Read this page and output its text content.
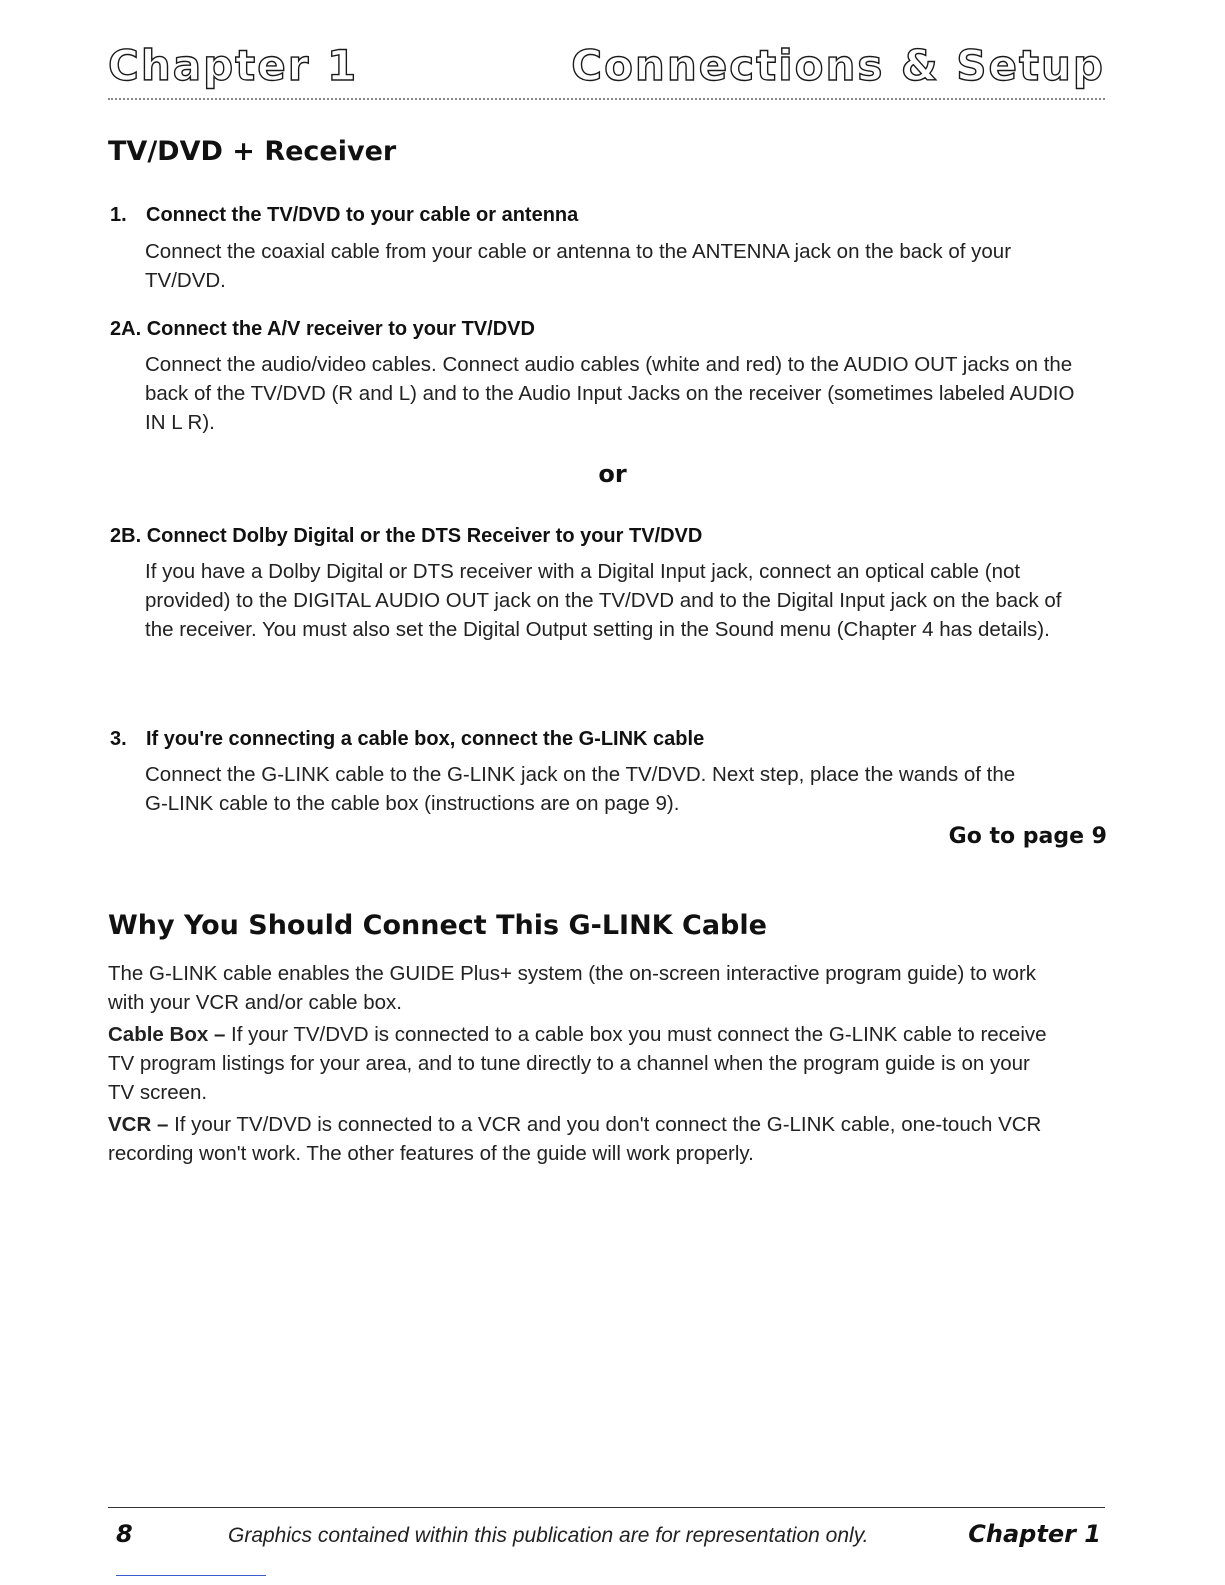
Chapter 1	Connections & Setup
TV/DVD + Receiver
1. Connect the TV/DVD to your cable or antenna

Connect the coaxial cable from your cable or antenna to the ANTENNA jack on the back of your
TV/DVD.

2A. Connect the A/V receiver to your TV/DVD

Connect the audio/video cables. Connect audio cables (white and red) to the AUDIO OUT jacks on the
back of the TV/DVD (R and L) and to the Audio Input Jacks on the receiver (sometimes labeled AUDIO
IN L R).

or
2B. Connect Dolby Digital or the DTS Receiver to your TV/DVD

If you have a Dolby Digital or DTS receiver with a Digital Input jack, connect an optical cable (not
provided) to the DIGITAL AUDIO OUT jack on the TV/DVD and to the Digital Input jack on the back of
the receiver. You must also set the Digital Output setting in the Sound menu (Chapter 4 has details).

3. If you're connecting a cable box, connect the G-LINK cable

Connect the G-LINK cable to the G-LINK jack on the TV/DVD. Next step, place the wands of the
G-LINK cable to the cable box (instructions are on page 9).

Go to page 9
Why You Should Connect This G-LINK Cable

The G-LINK cable enables the GUIDE Plus+ system (the on-screen interactive program guide) to work
with your VCR and/or cable box.

Cable Box – If your TV/DVD is connected to a cable box you must connect the G-LINK cable to receive
TV program listings for your area, and to tune directly to a channel when the program guide is on your
TV screen.

VCR – If your TV/DVD is connected to a VCR and you don't connect the G-LINK cable, one-touch VCR
recording won't work. The other features of the guide will work properly.

8	Graphics contained within this publication are for representation only.	Chapter 1
